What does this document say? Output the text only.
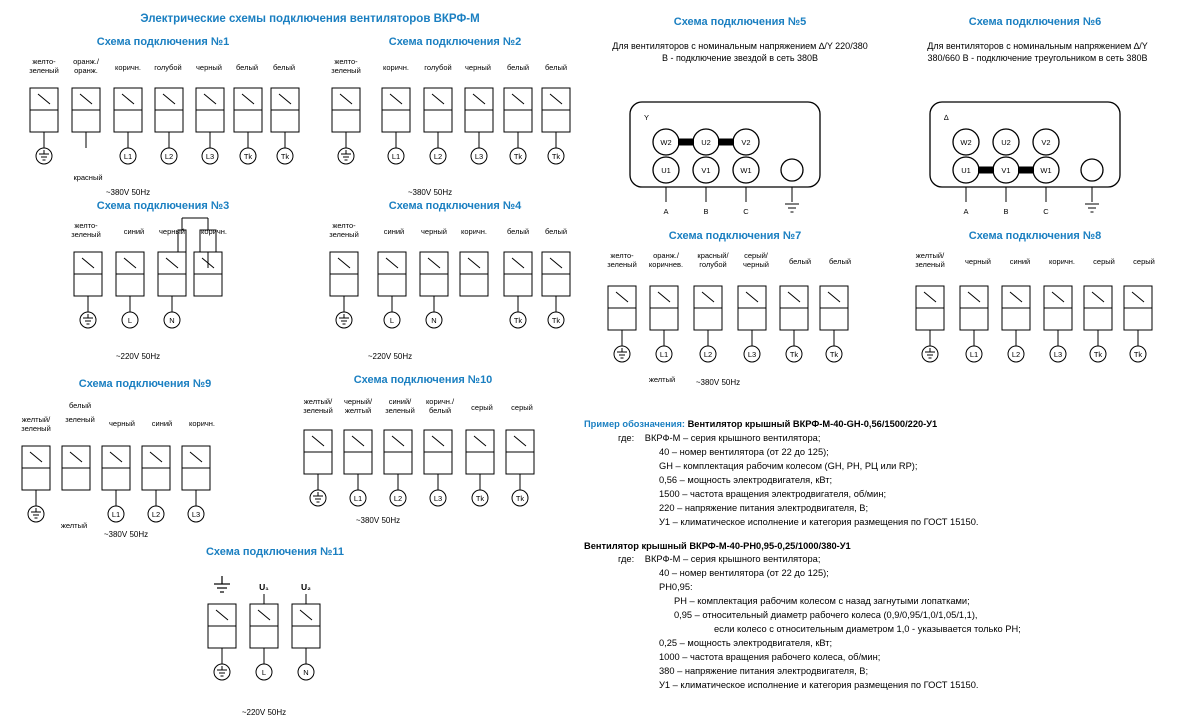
Электрические схемы подключения вентиляторов ВКРФ-М
Схема подключения №1
желто-
зеленый
оранж./
оранж.	коричн.	голубой	черный	белый	белый
L1	L2	L3	Tk	Tk
красный
~380V 50Hz
Схема подключения №2
желто-
зеленый	коричн.	голубой	черный	белый	белый
L1	L2	L3	Tk	Tk
~380V 50Hz
Схема подключения №3
желто-
зеленый	синий	черный	коричн.
L	N
~220V 50Hz
Схема подключения №4
желто-
зеленый	синий	черный	коричн.	белый	белый
L	N	Tk	Tk
~220V 50Hz
Схема подключения №9
белый
желтый/
зеленый
зеленый	черный	синий	коричн.
L1	L2	L3
желтый
~380V 50Hz
Схема подключения №10
желтый/
зеленый
черный/
желтый
синий/
зеленый
коричн./
белый	серый	серый
L1	L2	L3	Tk	Tk
~380V 50Hz
Схема подключения №11
U₁	U₂
L	N
~220V 50Hz
Схема подключения №5
Для вентиляторов с номинальным напряжением ∆/Y 220/380 В - подключение звездой в сеть 380В
Y
W2	U2	V2
U1	V1	W1
A	B	C
Схема подключения №6
Для вентиляторов с номинальным напряжением ∆/Y 380/660 В - подключение треугольником в сеть 380В
∆
W2	U2	V2
U1	V1	W1
A	B	C
Схема подключения №7
желто-
зеленый
оранж./
коричнев.
красный/
голубой
серый/
черный	белый	белый
L1	L2	L3	Tk	Tk
желтый	~380V 50Hz
Схема подключения №8
желтый/
зеленый	черный	синий	коричн.	серый	серый
L1	L2	L3	Tk	Tk
Пример обозначения: Вентилятор крышный ВКРФ-М-40-GH-0,56/1500/220-У1
где: ВКРФ-М – серия крышного вентилятора;
40 – номер вентилятора (от 22 до 125);
GH – комплектация рабочим колесом (GH, PH, РЦ или RP);
0,56 – мощность электродвигателя, кВт;
1500 – частота вращения электродвигателя, об/мин;
220 – напряжение питания электродвигателя, В;
У1 – климатическое исполнение и категория размещения по ГОСТ 15150.
Вентилятор крышный ВКРФ-М-40-PH0,95-0,25/1000/380-У1
где: ВКРФ-М – серия крышного вентилятора;
40 – номер вентилятора (от 22 до 125);
PH0,95:
PH – комплектация рабочим колесом с назад загнутыми лопатками;
0,95 – относительный диаметр рабочего колеса (0,9/0,95/1,0/1,05/1,1),
если колесо с относительным диаметром 1,0 - указывается только PH;
0,25 – мощность электродвигателя, кВт;
1000 – частота вращения рабочего колеса, об/мин;
380 – напряжение питания электродвигателя, В;
У1 – климатическое исполнение и категория размещения по ГОСТ 15150.
